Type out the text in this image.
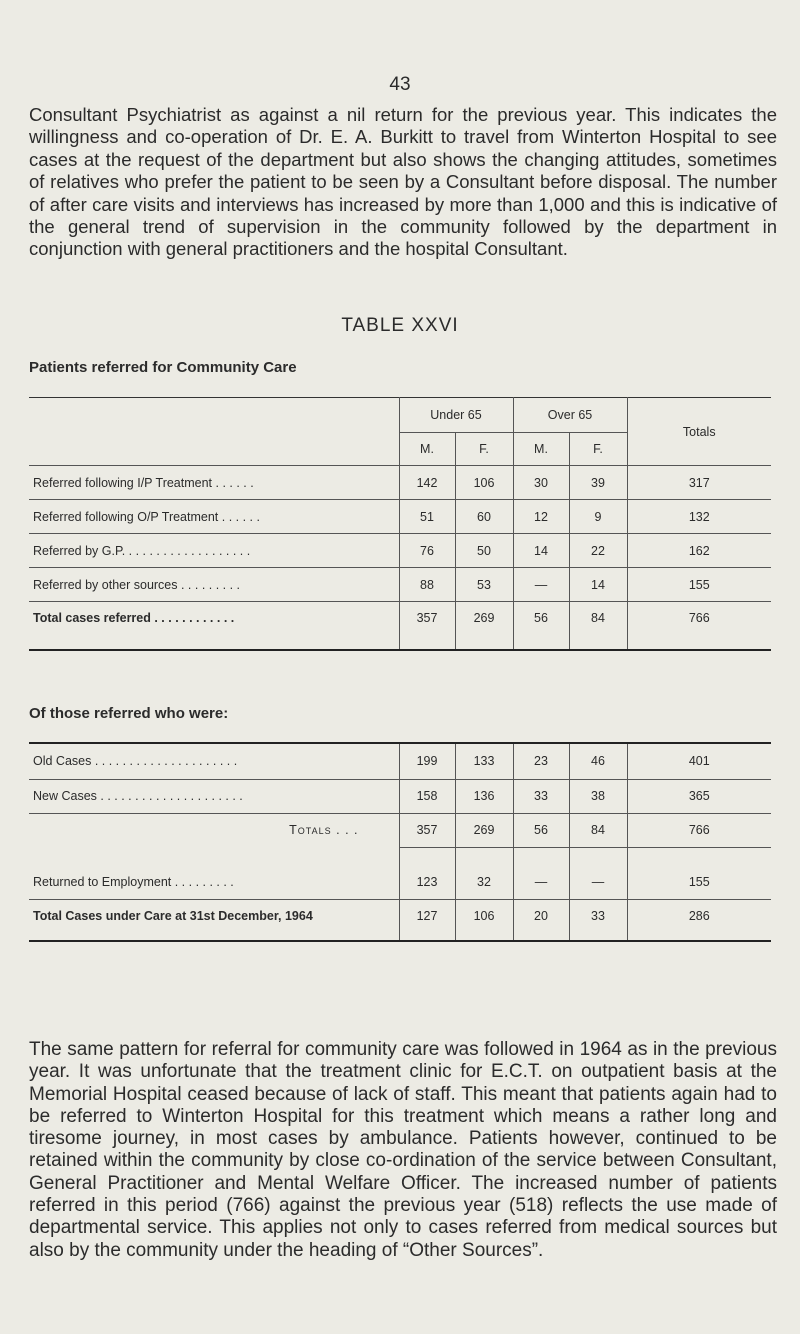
43

Consultant Psychiatrist as against a nil return for the previous year. This indicates the willingness and co-operation of Dr. E. A. Burkitt to travel from Winterton Hospital to see cases at the request of the department but also shows the changing attitudes, sometimes of relatives who prefer the patient to be seen by a Consultant before disposal. The number of after care visits and interviews has increased by more than 1,000 and this is indicative of the general trend of supervision in the community followed by the department in conjunction with general practitioners and the hospital Consultant.

TABLE XXVI
Patients referred for Community Care
	Under 65		Over 65		Totals
	M.	F.	M.	F.	
Referred following I/P Treatment . . . . . .	142	106	30	39	317
Referred following O/P Treatment . . . . . .	51	60	12	9	132
Referred by G.P. . . . . . . . . . . . . . . . . . .	76	50	14	22	162
Referred by other sources . . . . . . . . .	88	53	—	14	155
Total cases referred . . . . . . . . . . . .	357	269	56	84	766
Of those referred who were:
Old Cases . . . . . . . . . . . . . . . . . . . . .	199	133	23	46	401
New Cases . . . . . . . . . . . . . . . . . . . . .	158	136	33	38	365
Totals . . .	357	269	56	84	766
Returned to Employment . . . . . . . . .	123	32	—	—	155
Total Cases under Care at 31st December, 1964	127	106	20	33	286

The same pattern for referral for community care was followed in 1964 as in the previous year. It was unfortunate that the treatment clinic for E.C.T. on outpatient basis at the Memorial Hospital ceased because of lack of staff. This meant that patients again had to be referred to Winterton Hospital for this treatment which means a rather long and tiresome journey, in most cases by ambulance. Patients however, continued to be retained within the community by close co-ordination of the service between Consultant, General Practitioner and Mental Welfare Officer. The increased number of patients referred in this period (766) against the previous year (518) reflects the use made of departmental service. This applies not only to cases referred from medical sources but also by the community under the heading of “Other Sources”.
